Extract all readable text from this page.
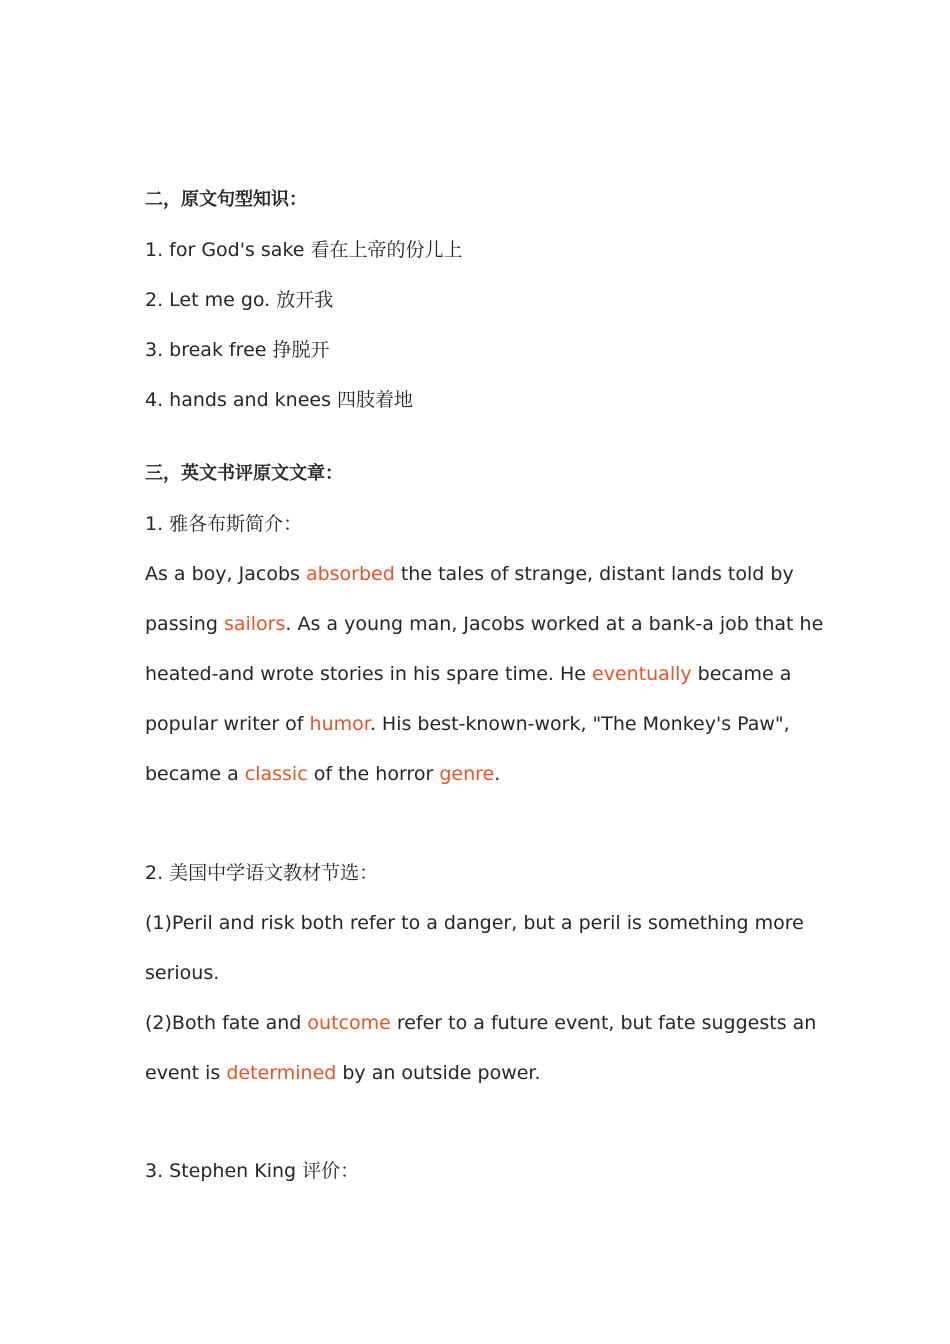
二，原文句型知识：
1. for God's sake 看在上帝的份儿上
2. Let me go. 放开我
3. break free 挣脱开
4. hands and knees 四肢着地
三，英文书评原文文章：
1. 雅各布斯简介：
As a boy, Jacobs absorbed the tales of strange, distant lands told by
passing sailors. As a young man, Jacobs worked at a bank-a job that he
heated-and wrote stories in his spare time. He eventually became a
popular writer of humor. His best-known-work, "The Monkey's Paw",
became a classic of the horror genre.
2. 美国中学语文教材节选：
(1)Peril and risk both refer to a danger, but a peril is something more
serious.
(2)Both fate and outcome refer to a future event, but fate suggests an
event is determined by an outside power.
3. Stephen King 评价：
